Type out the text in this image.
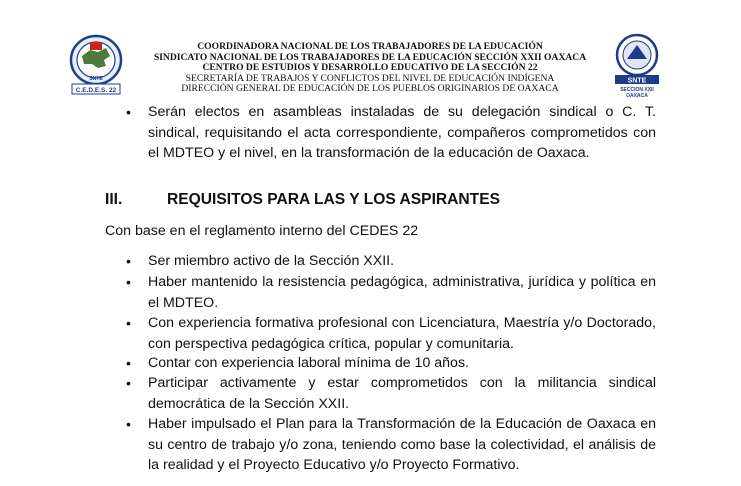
SNTE
C.E.D.E.S. 22
COORDINADORA NACIONAL DE LOS TRABAJADORES DE LA EDUCACIÓN
SINDICATO NACIONAL DE LOS TRABAJADORES DE LA EDUCACIÓN SECCIÓN XXII OAXACA
CENTRO DE ESTUDIOS Y DESARROLLO EDUCATIVO DE LA SECCIÓN 22
SECRETARÍA DE TRABAJOS Y CONFLICTOS DEL NIVEL DE EDUCACIÓN INDÍGENA
DIRECCIÓN GENERAL DE EDUCACIÓN DE LOS PUEBLOS ORIGINARIOS DE OAXACA
SNTE
SECCION XXII
OAXACA
• Serán electos en asambleas instaladas de su delegación sindical o C. T. sindical, requisitando el acta correspondiente, compañeros comprometidos con el MDTEO y el nivel, en la transformación de la educación de Oaxaca.
III.	REQUISITOS PARA LAS Y LOS ASPIRANTES
Con base en el reglamento interno del CEDES 22
• Ser miembro activo de la Sección XXII.
• Haber mantenido la resistencia pedagógica, administrativa, jurídica y política en el MDTEO.
• Con experiencia formativa profesional con Licenciatura, Maestría y/o Doctorado, con perspectiva pedagógica crítica, popular y comunitaria.
• Contar con experiencia laboral mínima de 10 años.
• Participar activamente y estar comprometidos con la militancia sindical democrática de la Sección XXII.
• Haber impulsado el Plan para la Transformación de la Educación de Oaxaca en su centro de trabajo y/o zona, teniendo como base la colectividad, el análisis de la realidad y el Proyecto Educativo y/o Proyecto Formativo.
